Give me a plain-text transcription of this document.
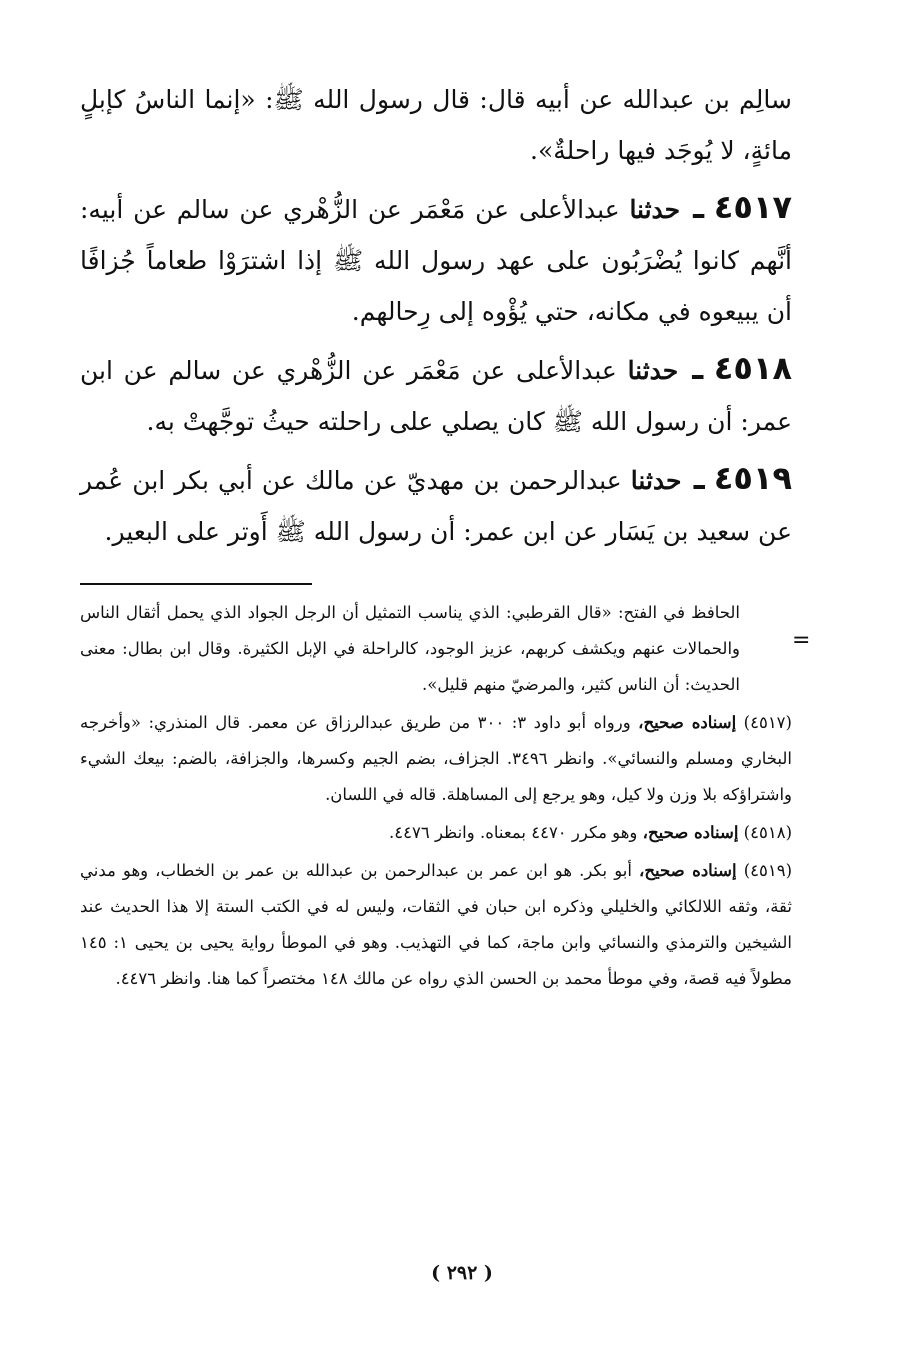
سالِم بن عبدالله عن أبيه قال: قال رسول الله ﷺ: «إنما الناسُ كإبلٍ مائةٍ، لا يُوجَد فيها راحلةٌ».

٤٥١٧ ـ حدثنا عبدالأعلى عن مَعْمَر عن الزُّهْري عن سالم عن أبيه: أنَّهم كانوا يُضْرَبُون على عهد رسول الله ﷺ إذا اشترَوْا طعاماً جُزافًا أن يبيعوه في مكانه، حتي يُؤْوه إلى رِحالهم.

٤٥١٨ ـ حدثنا عبدالأعلى عن مَعْمَر عن الزُّهْري عن سالم عن ابن عمر: أن رسول الله ﷺ كان يصلي على راحلته حيثُ توجَّهتْ به.

٤٥١٩ ـ حدثنا عبدالرحمن بن مهديّ عن مالك عن أبي بكر ابن عُمر عن سعيد بن يَسَار عن ابن عمر: أن رسول الله ﷺ أَوتر على البعير.

الحافظ في الفتح: «قال القرطبي: الذي يناسب التمثيل أن الرجل الجواد الذي يحمل أثقال الناس والحمالات عنهم ويكشف كربهم، عزيز الوجود، كالراحلة في الإبل الكثيرة. وقال ابن بطال: معنى الحديث: أن الناس كثير، والمرضيّ منهم قليل».

(٤٥١٧) إسناده صحيح، ورواه أبو داود ٣: ٣٠٠ من طريق عبدالرزاق عن معمر. قال المنذري: «وأخرجه البخاري ومسلم والنسائي». وانظر ٣٤٩٦. الجزاف، بضم الجيم وكسرها، والجزافة، بالضم: بيعك الشيء واشتراؤكه بلا وزن ولا كيل، وهو يرجع إلى المساهلة. قاله في اللسان.

(٤٥١٨) إسناده صحيح، وهو مكرر ٤٤٧٠ بمعناه. وانظر ٤٤٧٦.

(٤٥١٩) إسناده صحيح، أبو بكر. هو ابن عمر بن عبدالرحمن بن عبدالله بن عمر بن الخطاب، وهو مدني ثقة، وثقه اللالكائي والخليلي وذكره ابن حبان في الثقات، وليس له في الكتب الستة إلا هذا الحديث عند الشيخين والترمذي والنسائي وابن ماجة، كما في التهذيب. وهو في الموطأ رواية يحيى بن يحيى ١: ١٤٥ مطولاً فيه قصة، وفي موطأ محمد بن الحسن الذي رواه عن مالك ١٤٨ مختصراً كما هنا. وانظر ٤٤٧٦.

=
( ٢٩٢ )
